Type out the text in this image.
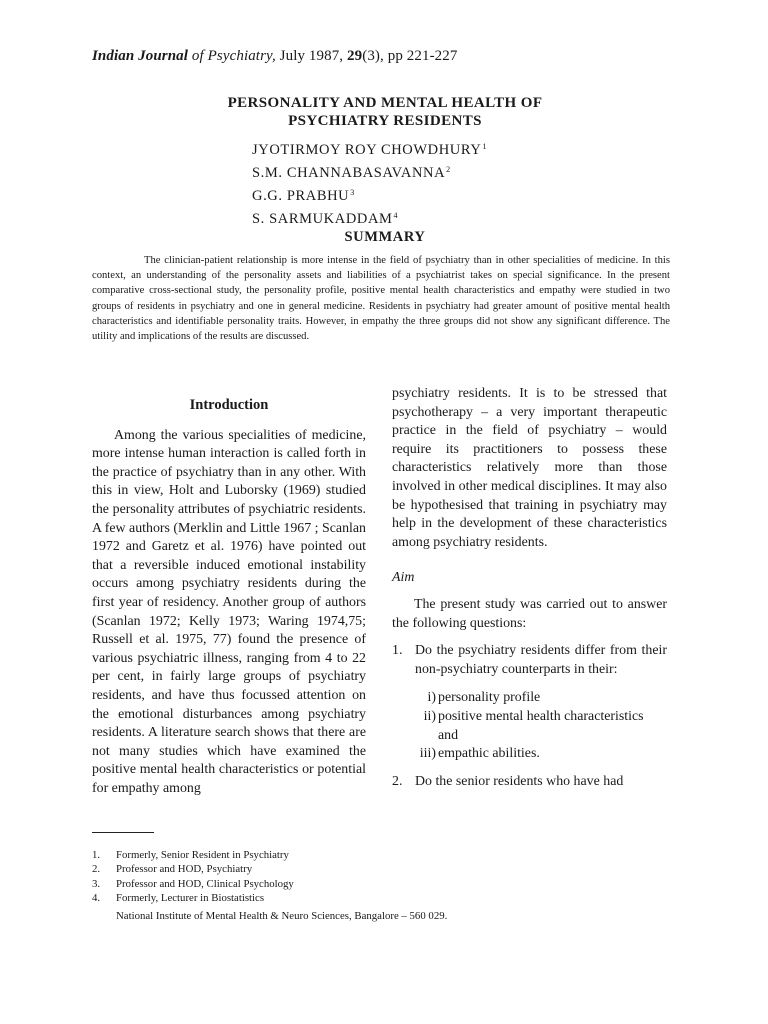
Indian Journal of Psychiatry, July 1987, 29(3), pp 221-227
PERSONALITY AND MENTAL HEALTH OF
PSYCHIATRY RESIDENTS
JYOTIRMOY ROY CHOWDHURY$^1$
S.M. CHANNABASAVANNA$^2$
G.G. PRABHU$^3$
S. SARMUKADDAM$^4$
SUMMARY

The clinician-patient relationship is more intense in the field of psychiatry than in other specialities of medicine. In this context, an understanding of the personality assets and liabilities of a psychiatrist takes on special significance. In the present comparative cross-sectional study, the personality profile, positive mental health characteristics and empathy were studied in two groups of residents in psychiatry and one in general medicine. Residents in psychiatry had greater amount of positive mental health characteristics and identifiable personality traits. However, in empathy the three groups did not show any significant difference. The utility and implications of the results are discussed.

Introduction

Among the various specialities of medicine, more intense human interaction is called forth in the practice of psychiatry than in any other. With this in view, Holt and Luborsky (1969) studied the personality attributes of psychiatric residents. A few authors (Merklin and Little 1967 ; Scanlan 1972 and Garetz et al. 1976) have pointed out that a reversible induced emotional instability occurs among psychiatry residents during the first year of residency. Another group of authors (Scanlan 1972; Kelly 1973; Waring 1974,75; Russell et al. 1975, 77) found the presence of various psychiatric illness, ranging from 4 to 22 per cent, in fairly large groups of psychiatry residents, and have thus focussed attention on the emotional disturbances among psychiatry residents. A literature search shows that there are not many studies which have examined the positive mental health characteristics or potential for empathy among

psychiatry residents. It is to be stressed that psychotherapy – a very important therapeutic practice in the field of psychiatry – would require its practitioners to possess these characteristics relatively more than those involved in other medical disciplines. It may also be hypothesised that training in psychiatry may help in the development of these characteristics among psychiatry residents.

Aim

The present study was carried out to answer the following questions:

1. Do the psychiatry residents differ from their non-psychiatry counterparts in their:
i) personality profile
ii) positive mental health characteristics and
iii) empathic abilities.
2. Do the senior residents who have had
1. Formerly, Senior Resident in Psychiatry
2. Professor and HOD, Psychiatry
3. Professor and HOD, Clinical Psychology
4. Formerly, Lecturer in Biostatistics
National Institute of Mental Health & Neuro Sciences, Bangalore – 560 029.
